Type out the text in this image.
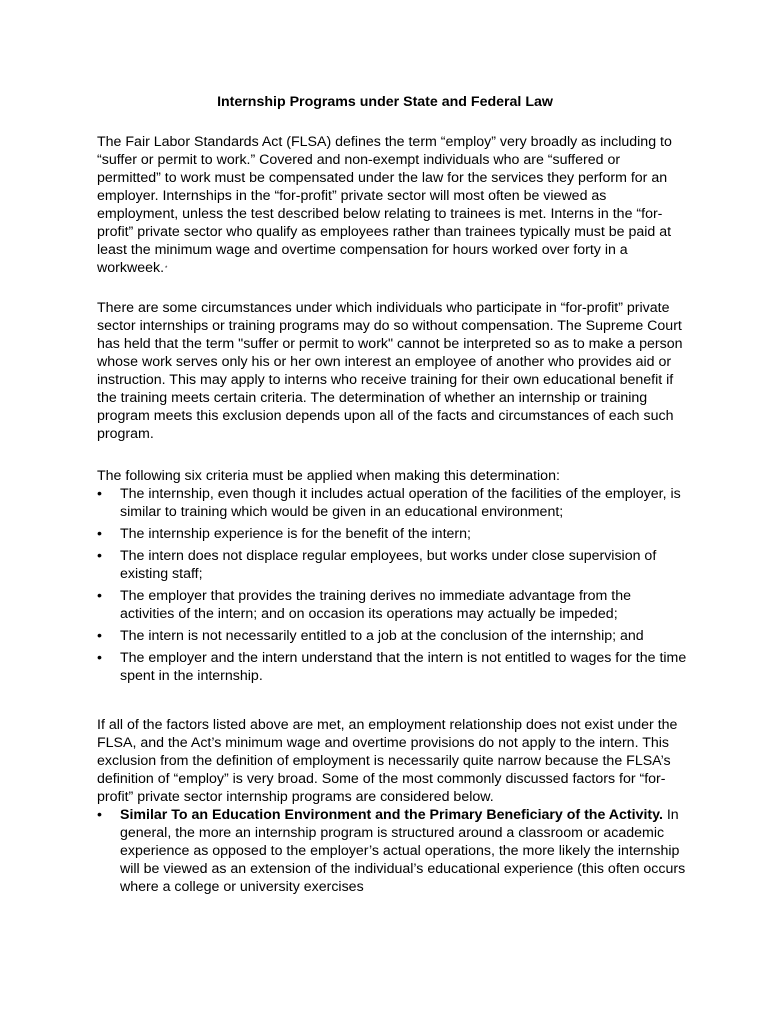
Internship Programs under State and Federal Law

The Fair Labor Standards Act (FLSA) defines the term “employ” very broadly as including to “suffer or permit to work.” Covered and non-exempt individuals who are “suffered or permitted” to work must be compensated under the law for the services they perform for an employer. Internships in the “for-profit” private sector will most often be viewed as employment, unless the test described below relating to trainees is met. Interns in the “for-profit” private sector who qualify as employees rather than trainees typically must be paid at least the minimum wage and overtime compensation for hours worked over forty in a workweek.*

There are some circumstances under which individuals who participate in “for-profit” private sector internships or training programs may do so without compensation. The Supreme Court has held that the term "suffer or permit to work" cannot be interpreted so as to make a person whose work serves only his or her own interest an employee of another who provides aid or instruction. This may apply to interns who receive training for their own educational benefit if the training meets certain criteria. The determination of whether an internship or training program meets this exclusion depends upon all of the facts and circumstances of each such program.

The following six criteria must be applied when making this determination:

•	The internship, even though it includes actual operation of the facilities of the employer, is similar to training which would be given in an educational environment;
•	The internship experience is for the benefit of the intern;
•	The intern does not displace regular employees, but works under close supervision of existing staff;
•	The employer that provides the training derives no immediate advantage from the activities of the intern; and on occasion its operations may actually be impeded;
•	The intern is not necessarily entitled to a job at the conclusion of the internship; and
•	The employer and the intern understand that the intern is not entitled to wages for the time spent in the internship.

If all of the factors listed above are met, an employment relationship does not exist under the FLSA, and the Act’s minimum wage and overtime provisions do not apply to the intern. This exclusion from the definition of employment is necessarily quite narrow because the FLSA’s definition of “employ” is very broad. Some of the most commonly discussed factors for “for-profit” private sector internship programs are considered below.

•	Similar To an Education Environment and the Primary Beneficiary of the Activity. In general, the more an internship program is structured around a classroom or academic experience as opposed to the employer’s actual operations, the more likely the internship will be viewed as an extension of the individual’s educational experience (this often occurs where a college or university exercises
